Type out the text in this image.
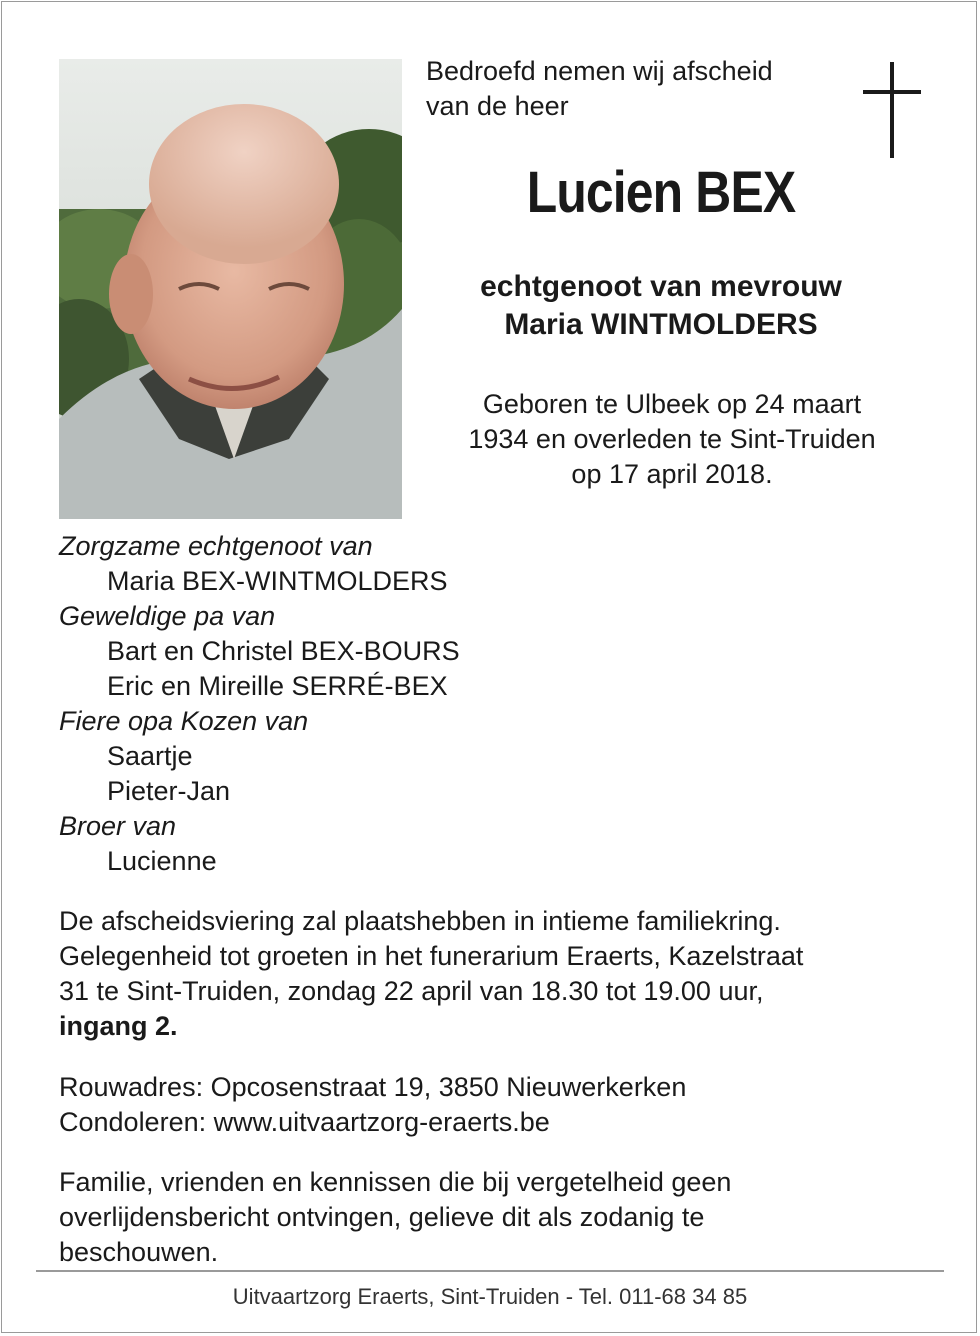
Bedroefd nemen wij afscheid
van de heer
Lucien BEX
echtgenoot van mevrouw
Maria WINTMOLDERS
Geboren te Ulbeek op 24 maart
1934 en overleden te Sint-Truiden
op 17 april 2018.
Zorgzame echtgenoot van
Maria BEX-WINTMOLDERS
Geweldige pa van
Bart en Christel BEX-BOURS
Eric en Mireille SERRÉ-BEX
Fiere opa Kozen van
Saartje
Pieter-Jan
Broer van
Lucienne
De afscheidsviering zal plaatshebben in intieme familiekring.
Gelegenheid tot groeten in het funerarium Eraerts, Kazelstraat
31 te Sint-Truiden, zondag 22 april van 18.30 tot 19.00 uur,
ingang 2.
Rouwadres: Opcosenstraat 19, 3850 Nieuwerkerken
Condoleren: www.uitvaartzorg-eraerts.be
Familie, vrienden en kennissen die bij vergetelheid geen
overlijdensbericht ontvingen, gelieve dit als zodanig te
beschouwen.
Uitvaartzorg Eraerts, Sint-Truiden - Tel. 011-68 34 85
